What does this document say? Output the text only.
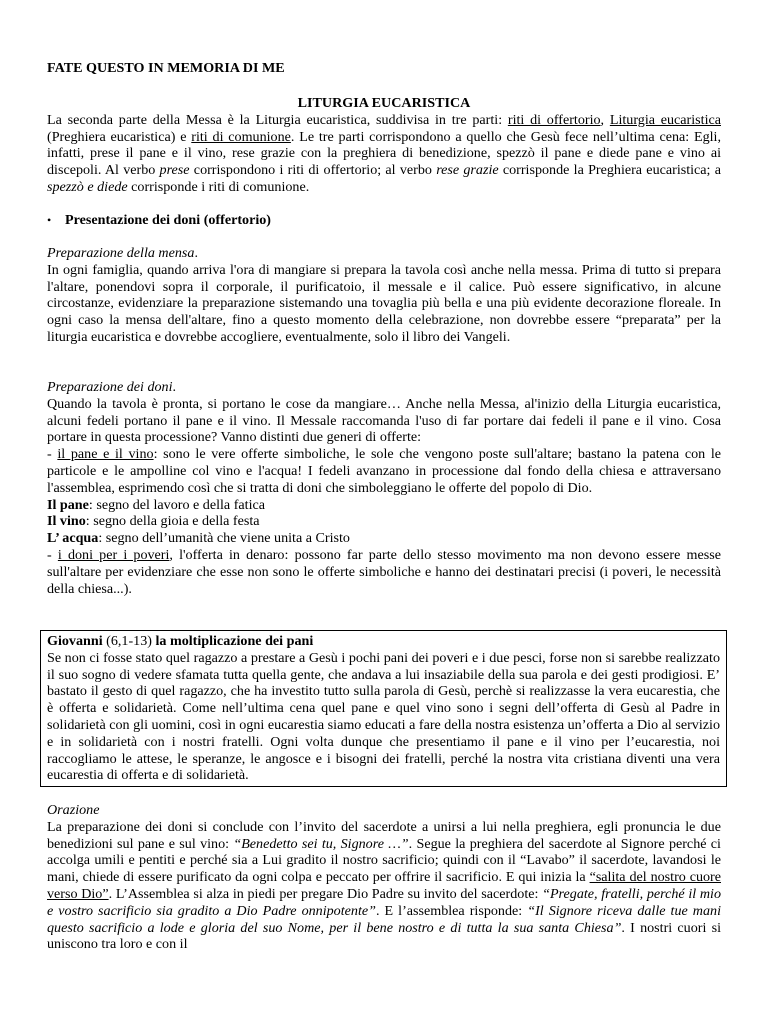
FATE QUESTO IN MEMORIA DI ME

LITURGIA EUCARISTICA

La seconda parte della Messa è la Liturgia eucaristica, suddivisa in tre parti: riti di offertorio, Liturgia eucaristica (Preghiera eucaristica) e riti di comunione. Le tre parti corrispondono a quello che Gesù fece nell’ultima cena: Egli, infatti, prese il pane e il vino, rese grazie con la preghiera di benedizione, spezzò il pane e diede pane e vino ai discepoli. Al verbo prese corrispondono i riti di offertorio; al verbo rese grazie corrisponde la Preghiera eucaristica; a spezzò e diede corrisponde i riti di comunione.

• Presentazione dei doni (offertorio)

Preparazione della mensa.

In ogni famiglia, quando arriva l'ora di mangiare si prepara la tavola così anche nella messa. Prima di tutto si prepara l'altare, ponendovi sopra il corporale, il purificatoio, il messale e il calice. Può essere significativo, in alcune circostanze, evidenziare la preparazione sistemando una tovaglia più bella e una più evidente decorazione floreale. In ogni caso la mensa dell'altare, fino a questo momento della celebrazione, non dovrebbe essere “preparata” per la liturgia eucaristica e dovrebbe accogliere, eventualmente, solo il libro dei Vangeli.

Preparazione dei doni.

Quando la tavola è pronta, si portano le cose da mangiare… Anche nella Messa, al'inizio della Liturgia eucaristica, alcuni fedeli portano il pane e il vino. Il Messale raccomanda l'uso di far portare dai fedeli il pane e il vino. Cosa portare in questa processione? Vanno distinti due generi di offerte:

- il pane e il vino: sono le vere offerte simboliche, le sole che vengono poste sull'altare; bastano la patena con le particole e le ampolline col vino e l'acqua! I fedeli avanzano in processione dal fondo della chiesa e attraversano l'assemblea, esprimendo così che si tratta di doni che simboleggiano le offerte del popolo di Dio.

Il pane: segno del lavoro e della fatica

Il vino: segno della gioia e della festa

L’ acqua: segno dell’umanità che viene unita a Cristo

- i doni per i poveri, l'offerta in denaro: possono far parte dello stesso movimento ma non devono essere messe sull'altare per evidenziare che esse non sono le offerte simboliche e hanno dei destinatari precisi (i poveri, le necessità della chiesa...).

Giovanni (6,1-13) la moltiplicazione dei pani

Se non ci fosse stato quel ragazzo a prestare a Gesù i pochi pani dei poveri e i due pesci, forse non si sarebbe realizzato il suo sogno di vedere sfamata tutta quella gente, che andava a lui insaziabile della sua parola e dei gesti prodigiosi. E’ bastato il gesto di quel ragazzo, che ha investito tutto sulla parola di Gesù, perchè si realizzasse la vera eucarestia, che è offerta e solidarietà. Come nell’ultima cena quel pane e quel vino sono i segni dell’offerta di Gesù al Padre in solidarietà con gli uomini, così in ogni eucarestia siamo educati a fare della nostra esistenza un’offerta a Dio al servizio e in solidarietà con i nostri fratelli. Ogni volta dunque che presentiamo il pane e il vino per l’eucarestia, noi raccogliamo le attese, le speranze, le angosce e i bisogni dei fratelli, perché la nostra vita cristiana diventi una vera eucarestia di offerta e di solidarietà.

Orazione

La preparazione dei doni si conclude con l’invito del sacerdote a unirsi a lui nella preghiera, egli pronuncia le due benedizioni sul pane e sul vino: “Benedetto sei tu, Signore …”. Segue la preghiera del sacerdote al Signore perché ci accolga umili e pentiti e perché sia a Lui gradito il nostro sacrificio; quindi con il “Lavabo” il sacerdote, lavandosi le mani, chiede di essere purificato da ogni colpa e peccato per offrire il sacrificio. E qui inizia la “salita del nostro cuore verso Dio”. L’Assemblea si alza in piedi per pregare Dio Padre su invito del sacerdote: “Pregate, fratelli, perché il mio e vostro sacrificio sia gradito a Dio Padre onnipotente”. E l’assemblea risponde: “Il Signore riceva dalle tue mani questo sacrificio a lode e gloria del suo Nome, per il bene nostro e di tutta la sua santa Chiesa”. I nostri cuori si uniscono tra loro e con il
